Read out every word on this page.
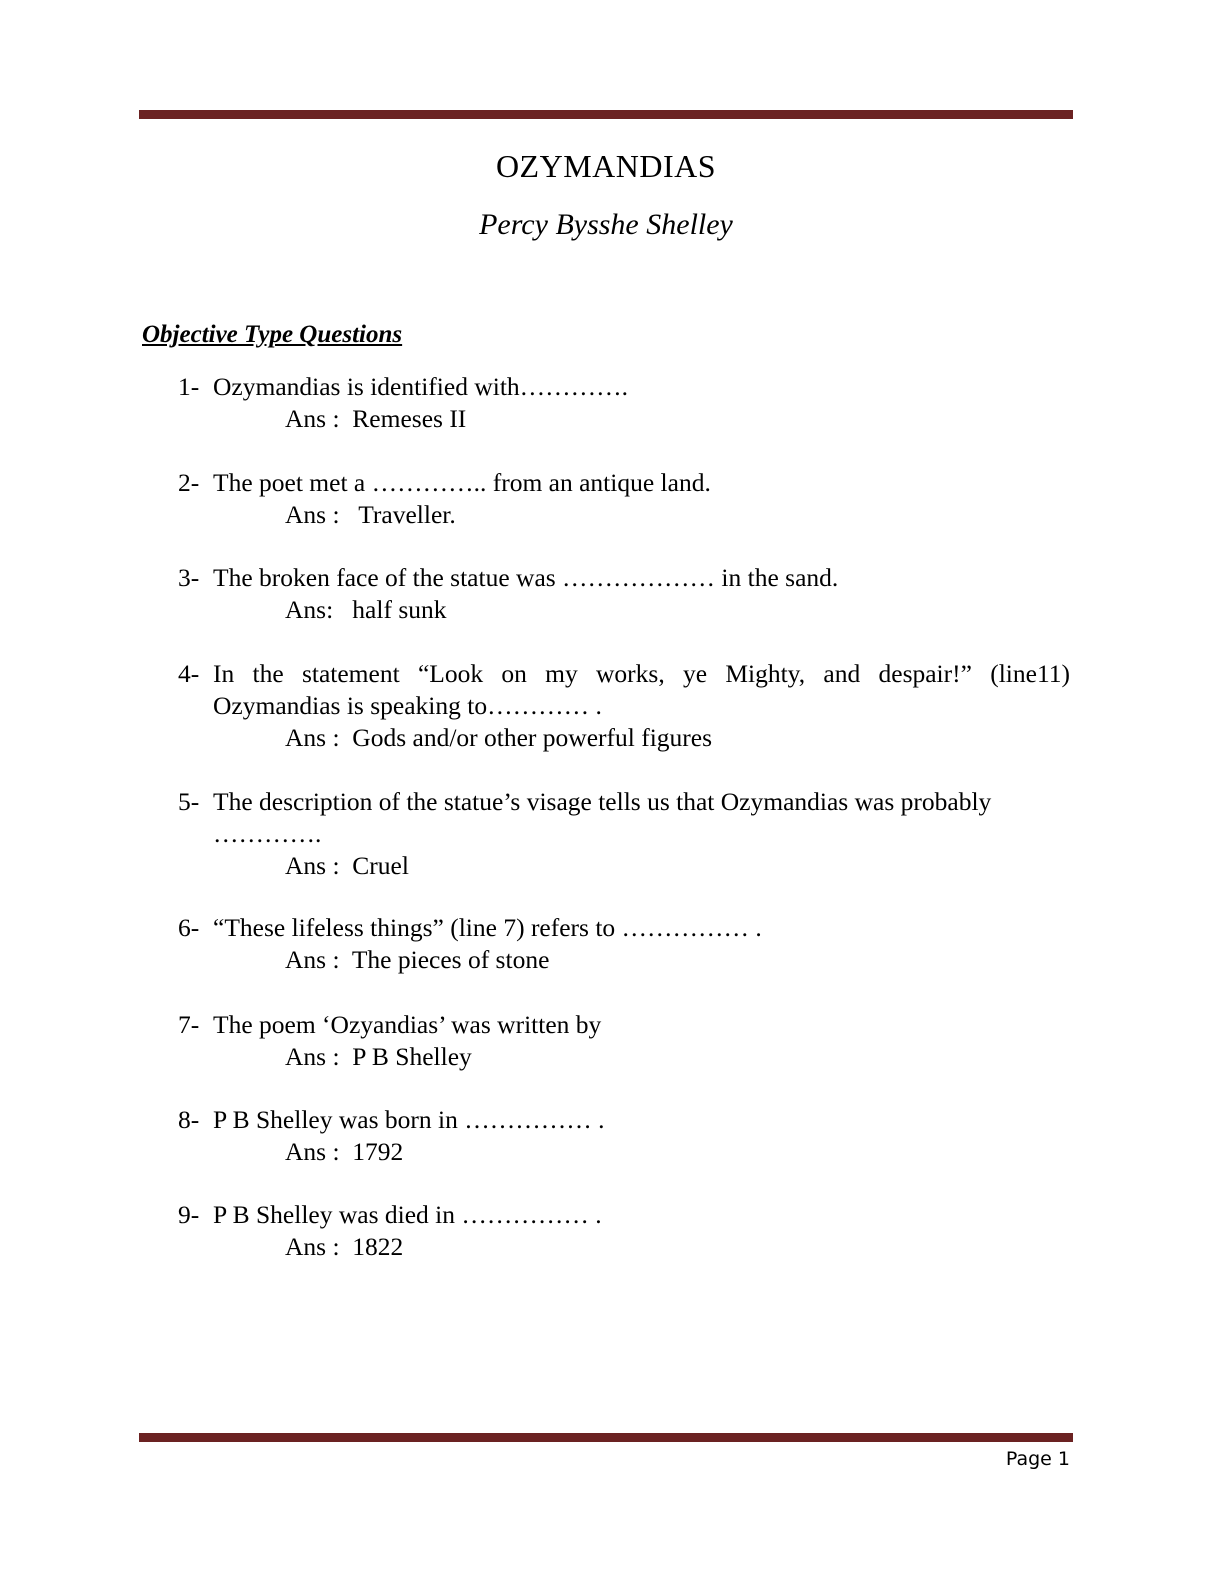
OZYMANDIAS
Percy Bysshe Shelley
Objective Type Questions
1- Ozymandias is identified with………….
Ans :  Remeses II
2- The poet met a ………….. from an antique land.
Ans :   Traveller.
3- The broken face of the statue was ……………… in the sand.
Ans:   half sunk
4- In the statement “Look on my works, ye Mighty, and despair!” (line11) Ozymandias is speaking to………… .
Ans :  Gods and/or other powerful figures
5- The description of the statue’s visage tells us that Ozymandias was probably ………….
Ans :  Cruel
6- “These lifeless things” (line 7) refers to …………… .
Ans :  The pieces of stone
7- The poem ‘Ozyandias’ was written by
Ans :  P B Shelley
8- P B Shelley was born in …………… .
Ans :  1792
9- P B Shelley was died in …………… .
Ans :  1822
Page 1
